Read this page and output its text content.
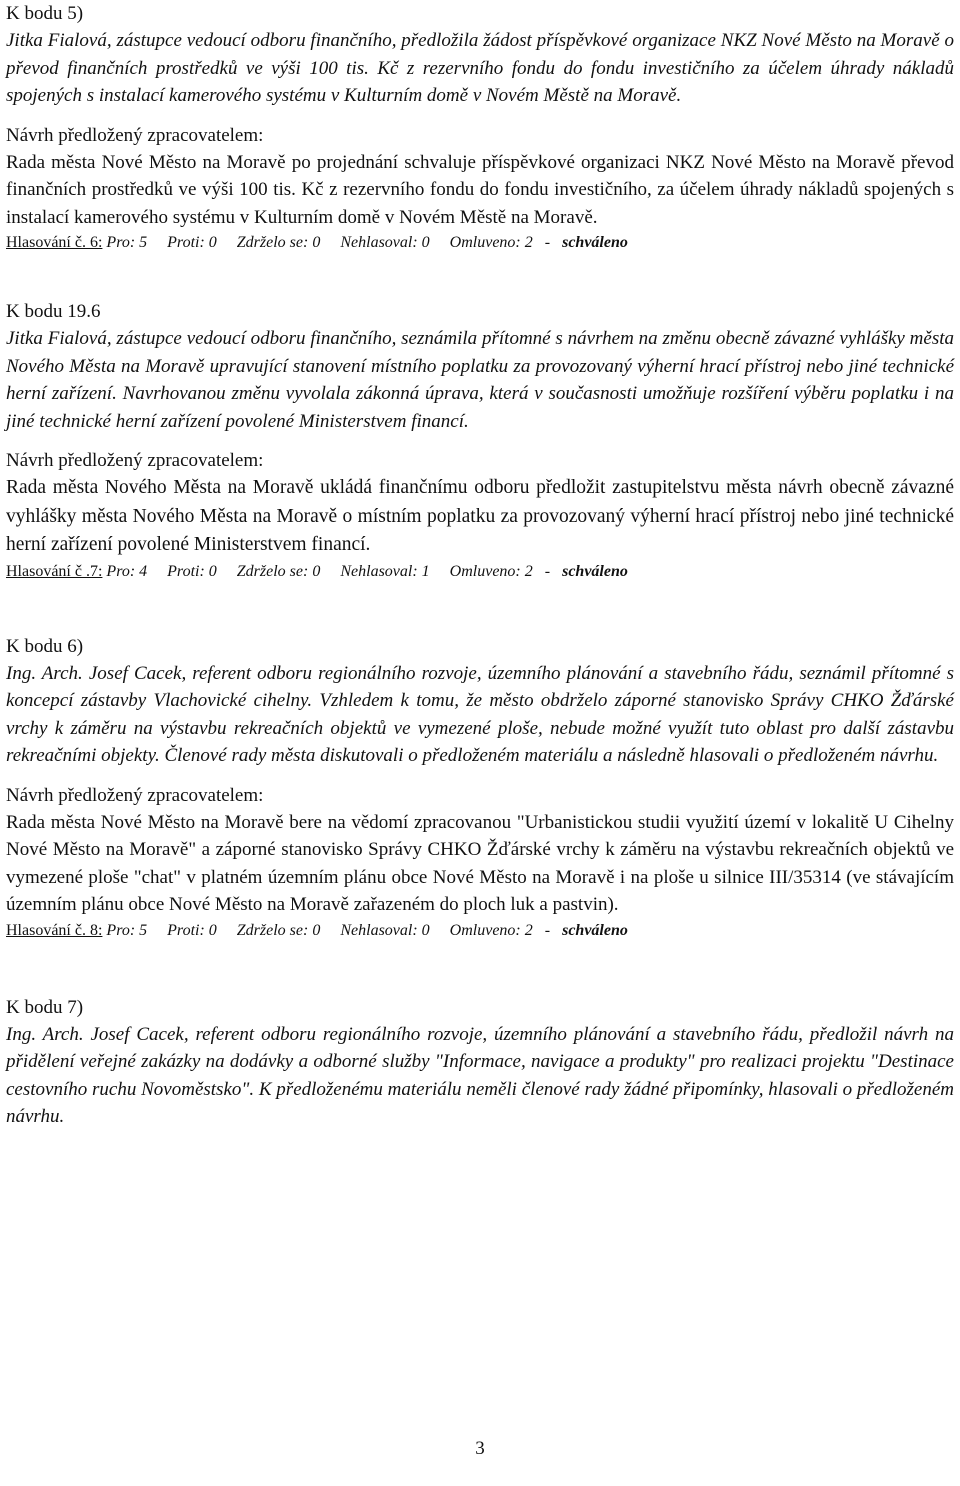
K bodu 5)
Jitka Fialová, zástupce vedoucí odboru finančního, předložila žádost příspěvkové organizace NKZ Nové Město na Moravě o převod finančních prostředků ve výši 100 tis. Kč z rezervního fondu do fondu investičního za účelem úhrady nákladů spojených s instalací kamerového systému v Kulturním domě v Novém Městě na Moravě.
Návrh předložený zpracovatelem:
Rada města Nové Město na Moravě po projednání schvaluje příspěvkové organizaci NKZ Nové Město na Moravě převod finančních prostředků ve výši 100 tis. Kč z rezervního fondu do fondu investičního, za účelem úhrady nákladů spojených s instalací kamerového systému v Kulturním domě v Novém Městě na Moravě.
Hlasování č. 6: Pro: 5 Proti: 0 Zdrželo se: 0 Nehlasoval: 0 Omluveno: 2 - schváleno
K bodu 19.6
Jitka Fialová, zástupce vedoucí odboru finančního, seznámila přítomné s návrhem na změnu obecně závazné vyhlášky města Nového Města na Moravě upravující stanovení místního poplatku za provozovaný výherní hrací přístroj nebo jiné technické herní zařízení. Navrhovanou změnu vyvolala zákonná úprava, která v současnosti umožňuje rozšíření výběru poplatku i na jiné technické herní zařízení povolené Ministerstvem financí.
Návrh předložený zpracovatelem:
Rada města Nového Města na Moravě ukládá finančnímu odboru předložit zastupitelstvu města návrh obecně závazné vyhlášky města Nového Města na Moravě o místním poplatku za provozovaný výherní hrací přístroj nebo jiné technické herní zařízení povolené Ministerstvem financí.
Hlasování č .7: Pro: 4 Proti: 0 Zdrželo se: 0 Nehlasoval: 1 Omluveno: 2 - schváleno
K bodu 6)
Ing. Arch. Josef Cacek, referent odboru regionálního rozvoje, územního plánování a stavebního řádu, seznámil přítomné s koncepcí zástavby Vlachovické cihelny. Vzhledem k tomu, že město obdrželo záporné stanovisko Správy CHKO Žďárské vrchy k záměru na výstavbu rekreačních objektů ve vymezené ploše, nebude možné využít tuto oblast pro další zástavbu rekreačními objekty. Členové rady města diskutovali o předloženém materiálu a následně hlasovali o předloženém návrhu.
Návrh předložený zpracovatelem:
Rada města Nové Město na Moravě bere na vědomí zpracovanou "Urbanistickou studii využití území v lokalitě U Cihelny Nové Město na Moravě" a záporné stanovisko Správy CHKO Žďárské vrchy k záměru na výstavbu rekreačních objektů ve vymezené ploše "chat" v platném územním plánu obce Nové Město na Moravě i na ploše u silnice III/35314 (ve stávajícím územním plánu obce Nové Město na Moravě zařazeném do ploch luk a pastvin).
Hlasování č. 8: Pro: 5 Proti: 0 Zdrželo se: 0 Nehlasoval: 0 Omluveno: 2 - schváleno
K bodu 7)
Ing. Arch. Josef Cacek, referent odboru regionálního rozvoje, územního plánování a stavebního řádu, předložil návrh na přidělení veřejné zakázky na dodávky a odborné služby "Informace, navigace a produkty" pro realizaci projektu "Destinace cestovního ruchu Novoměstsko". K předloženému materiálu neměli členové rady žádné připomínky, hlasovali o předloženém návrhu.
3
